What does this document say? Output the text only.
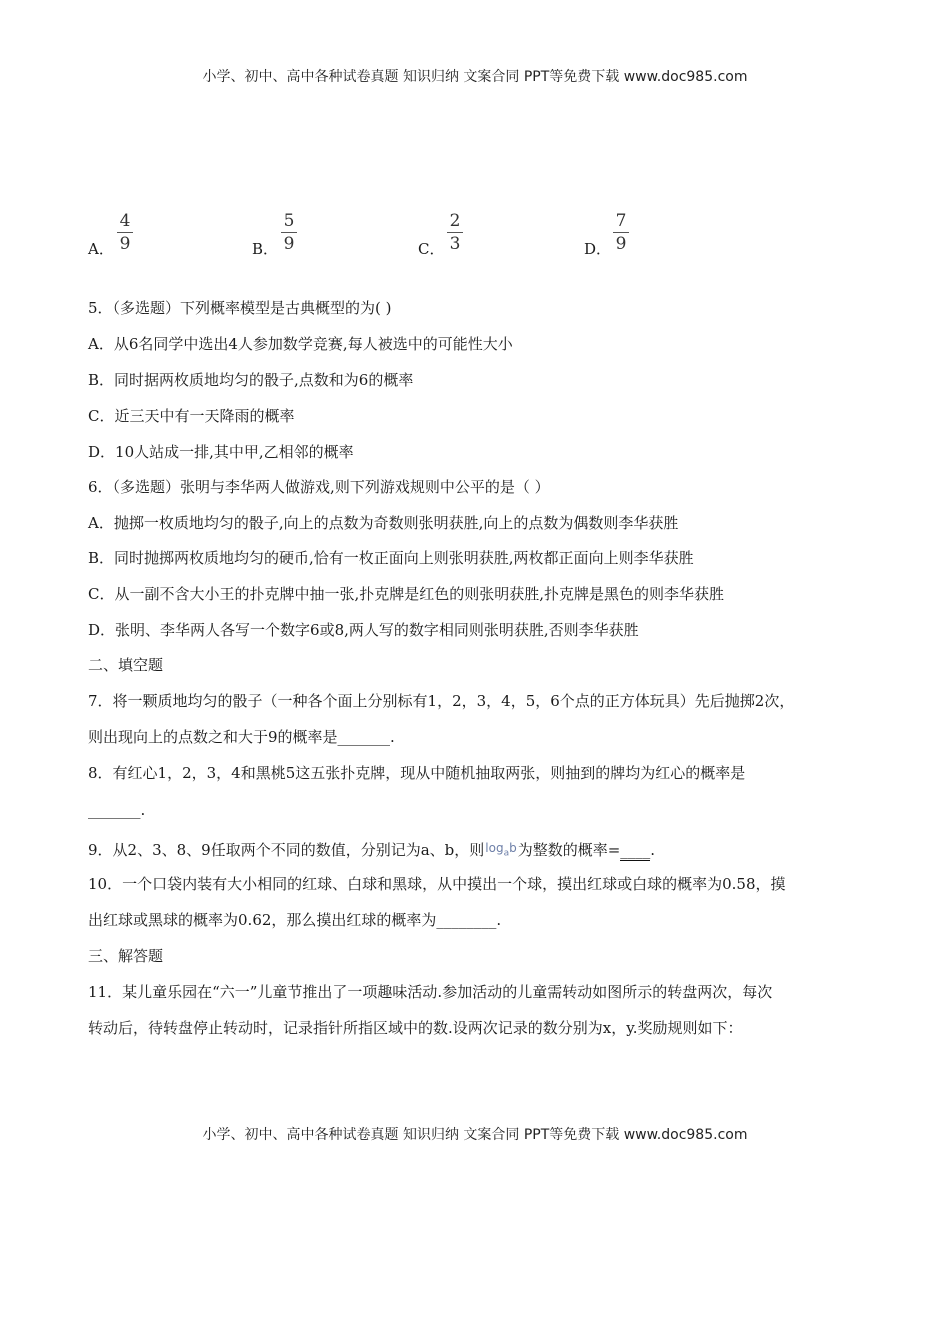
小学、初中、高中各种试卷真题 知识归纳 文案合同 PPT等免费下载 www.doc985.com
A．
4
9	B．
5
9	C．
2
3	D．
7
9
5．（多选题）下列概率模型是古典概型的为( )
A．从6名同学中选出4人参加数学竞赛,每人被选中的可能性大小
B．同时据两枚质地均匀的骰子,点数和为6的概率
C．近三天中有一天降雨的概率
D．10人站成一排,其中甲,乙相邻的概率
6．（多选题）张明与李华两人做游戏,则下列游戏规则中公平的是（ ）
A．抛掷一枚质地均匀的骰子,向上的点数为奇数则张明获胜,向上的点数为偶数则李华获胜
B．同时抛掷两枚质地均匀的硬币,恰有一枚正面向上则张明获胜,两枚都正面向上则李华获胜
C．从一副不含大小王的扑克牌中抽一张,扑克牌是红色的则张明获胜,扑克牌是黑色的则李华获胜
D．张明、李华两人各写一个数字6或8,两人写的数字相同则张明获胜,否则李华获胜
二、填空题
7．将一颗质地均匀的骰子（一种各个面上分别标有1，2，3，4，5，6个点的正方体玩具）先后抛掷2次，
则出现向上的点数之和大于9的概率是_______.
8．有红心1，2，3，4和黑桃5这五张扑克牌，现从中随机抽取两张，则抽到的牌均为红心的概率是
_______.
9．从2、3、8、9任取两个不同的数值，分别记为a、b，则$\log_ab$为整数的概率=____.
10．一个口袋内装有大小相同的红球、白球和黑球，从中摸出一个球，摸出红球或白球的概率为0.58，摸
出红球或黑球的概率为0.62，那么摸出红球的概率为________.
三、解答题
11．某儿童乐园在“六一”儿童节推出了一项趣味活动.参加活动的儿童需转动如图所示的转盘两次，每次
转动后，待转盘停止转动时，记录指针所指区域中的数.设两次记录的数分别为x，y.奖励规则如下：
小学、初中、高中各种试卷真题 知识归纳 文案合同 PPT等免费下载 www.doc985.com
